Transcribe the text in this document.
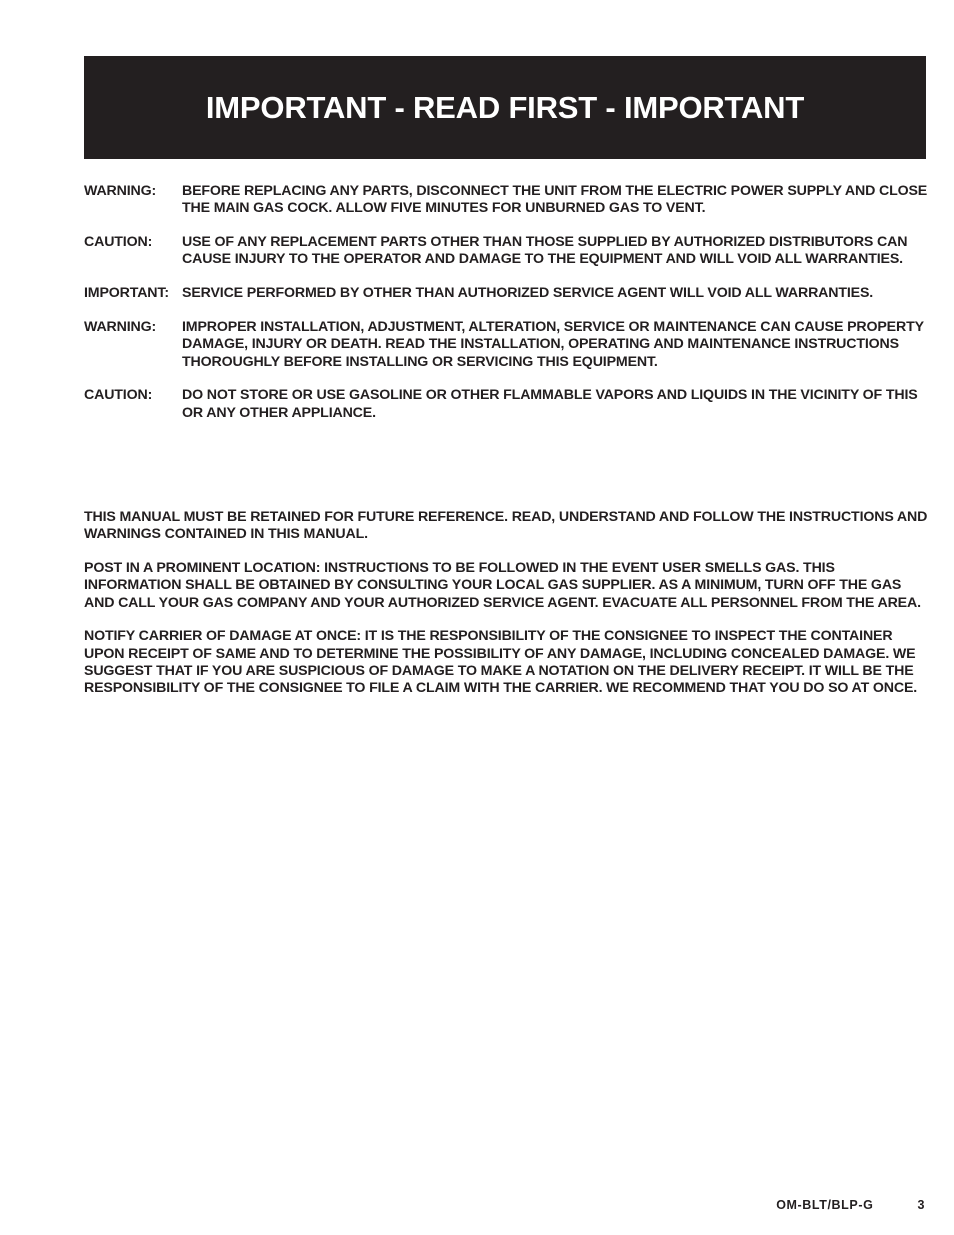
IMPORTANT - READ FIRST - IMPORTANT
WARNING:	BEFORE REPLACING ANY PARTS, DISCONNECT THE UNIT FROM THE ELECTRIC POWER SUPPLY AND CLOSE THE MAIN GAS COCK. ALLOW FIVE MINUTES FOR UNBURNED GAS TO VENT.
CAUTION:	USE OF ANY REPLACEMENT PARTS OTHER THAN THOSE SUPPLIED BY AUTHORIZED DISTRIBUTORS CAN CAUSE INJURY TO THE OPERATOR AND DAMAGE TO THE EQUIPMENT AND WILL VOID ALL WARRANTIES.
IMPORTANT: SERVICE PERFORMED BY OTHER THAN AUTHORIZED SERVICE AGENT WILL VOID ALL WARRANTIES.
WARNING:	IMPROPER INSTALLATION, ADJUSTMENT, ALTERATION, SERVICE OR MAINTENANCE CAN CAUSE PROPERTY DAMAGE, INJURY OR DEATH. READ THE INSTALLATION, OPERATING AND MAINTENANCE INSTRUCTIONS THOROUGHLY BEFORE INSTALLING OR SERVICING THIS EQUIPMENT.
CAUTION:	DO NOT STORE OR USE GASOLINE OR OTHER FLAMMABLE VAPORS AND LIQUIDS IN THE VICINITY OF THIS OR ANY OTHER APPLIANCE.

THIS MANUAL MUST BE RETAINED FOR FUTURE REFERENCE. READ, UNDERSTAND AND FOLLOW THE INSTRUCTIONS AND WARNINGS CONTAINED IN THIS MANUAL.

POST IN A PROMINENT LOCATION: INSTRUCTIONS TO BE FOLLOWED IN THE EVENT USER SMELLS GAS. THIS INFORMATION SHALL BE OBTAINED BY CONSULTING YOUR LOCAL GAS SUPPLIER. AS A MINIMUM, TURN OFF THE GAS AND CALL YOUR GAS COMPANY AND YOUR AUTHORIZED SERVICE AGENT. EVACUATE ALL PERSONNEL FROM THE AREA.

NOTIFY CARRIER OF DAMAGE AT ONCE: IT IS THE RESPONSIBILITY OF THE CONSIGNEE TO INSPECT THE CONTAINER UPON RECEIPT OF SAME AND TO DETERMINE THE POSSIBILITY OF ANY DAMAGE, INCLUDING CONCEALED DAMAGE. WE SUGGEST THAT IF YOU ARE SUSPICIOUS OF DAMAGE TO MAKE A NOTATION ON THE DELIVERY RECEIPT. IT WILL BE THE RESPONSIBILITY OF THE CONSIGNEE TO FILE A CLAIM WITH THE CARRIER. WE RECOMMEND THAT YOU DO SO AT ONCE.

OM-BLT/BLP-G	3
